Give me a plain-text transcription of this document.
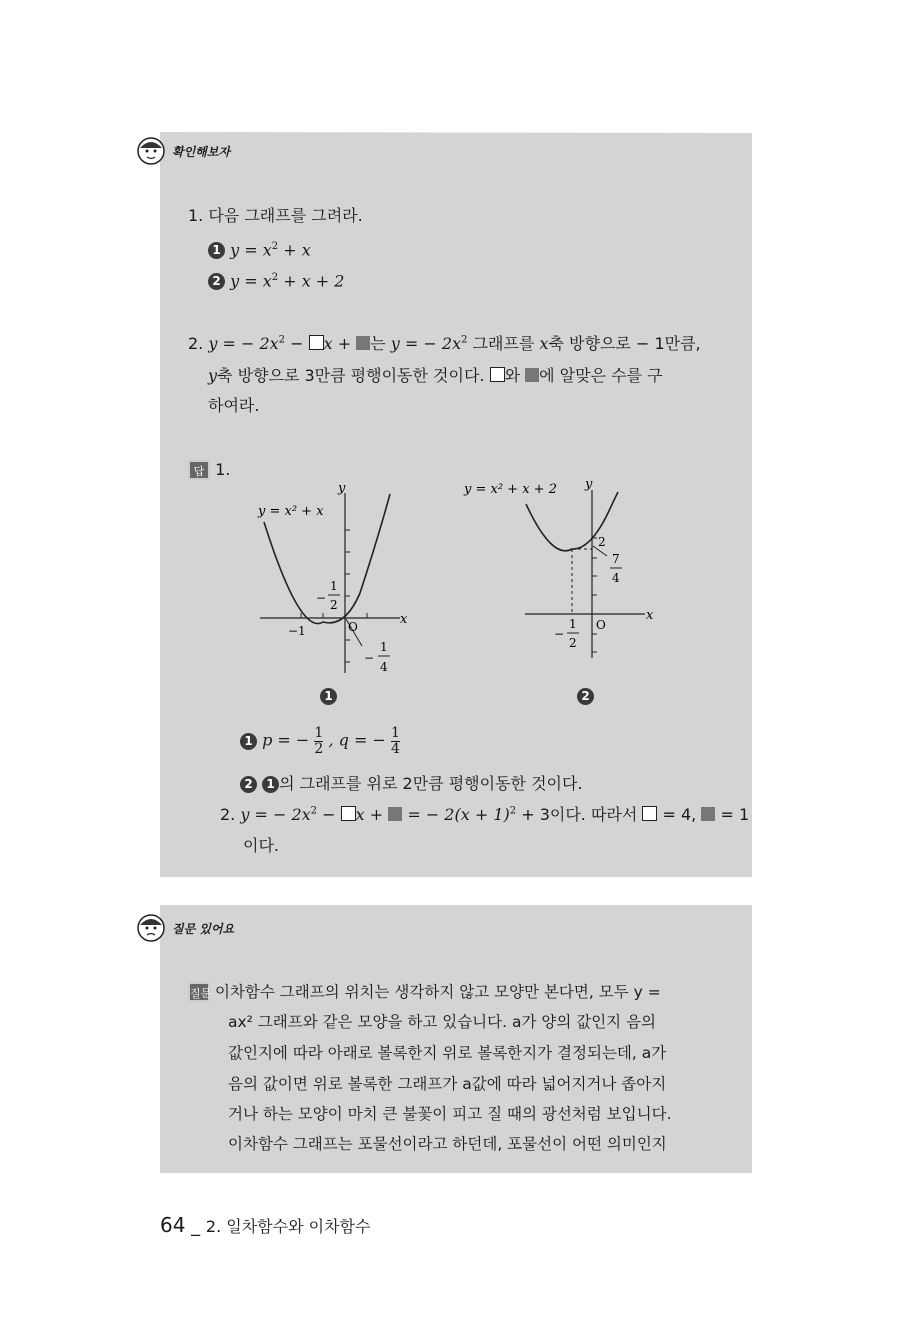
확인해보자
1. 다음 그래프를 그려라.
1 $y = x^2 + x$
2 $y = x^2 + x + 2$
2. y = − $2x^2 - x$ + 는 y = − $2x^2$ 그래프를 x축 방향으로 − 1만큼,
y축 방향으로 3만큼 평행이동한 것이다. 와 에 알맞은 수를 구
하여라.
답 1.
y
x
O
−1
y = x² + x
−
1
2
−
1
4
1
y
x
O
2
y = x² + x + 2
7
4
−
1
2
2
1 p = − $\frac{1}{2}$ , q = − $\frac{1}{4}$
2 1 의 그래프를 위로 2만큼 평행이동한 것이다.
2. y = − $2x^2 - x$ +  = − $2(x + 1)^2 + 3$이다. 따라서  = 4,  = 1
이다.
질문 있어요
질문 이차함수 그래프의 위치는 생각하지 않고 모양만 본다면, 모두 y =
ax² 그래프와 같은 모양을 하고 있습니다. a가 양의 값인지 음의
값인지에 따라 아래로 볼록한지 위로 볼록한지가 결정되는데, a가
음의 값이면 위로 볼록한 그래프가 a값에 따라 넓어지거나 좁아지
거나 하는 모양이 마치 큰 불꽃이 피고 질 때의 광선처럼 보입니다.
이차함수 그래프는 포물선이라고 하던데, 포물선이 어떤 의미인지
64 _ 2. 일차함수와 이차함수
